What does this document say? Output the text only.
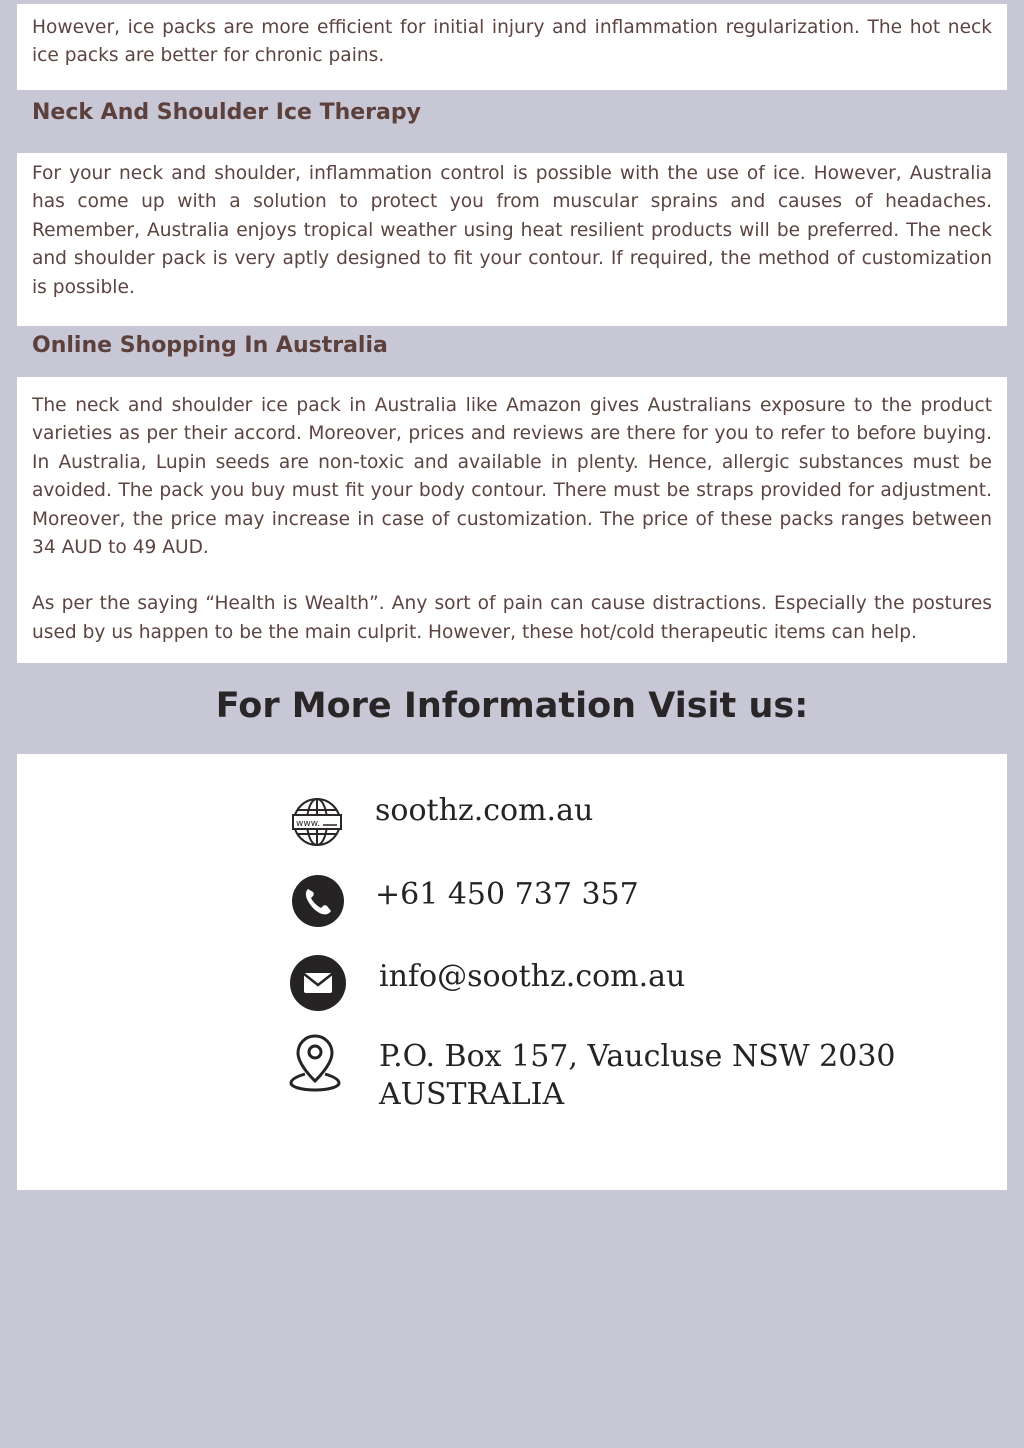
However, ice packs are more efficient for initial injury and inflammation regularization. The hot neck ice packs are better for chronic pains.

Neck And Shoulder Ice Therapy

For your neck and shoulder, inflammation control is possible with the use of ice. However, Australia has come up with a solution to protect you from muscular sprains and causes of headaches. Remember, Australia enjoys tropical weather using heat resilient products will be preferred. The neck and shoulder pack is very aptly designed to fit your contour. If required, the method of customization is possible.

Online Shopping In Australia

The neck and shoulder ice pack in Australia like Amazon gives Australians exposure to the product varieties as per their accord. Moreover, prices and reviews are there for you to refer to before buying. In Australia, Lupin seeds are non-toxic and available in plenty. Hence, allergic substances must be avoided. The pack you buy must fit your body contour. There must be straps provided for adjustment. Moreover, the price may increase in case of customization. The price of these packs ranges between 34 AUD to 49 AUD.

As per the saying “Health is Wealth”. Any sort of pain can cause distractions. Especially the postures used by us happen to be the main culprit. However, these hot/cold therapeutic items can help.

For More Information Visit us:
www. soothz.com.au

+61 450 737 357

info@soothz.com.au

P.O. Box 157, Vaucluse NSW 2030

AUSTRALIA
